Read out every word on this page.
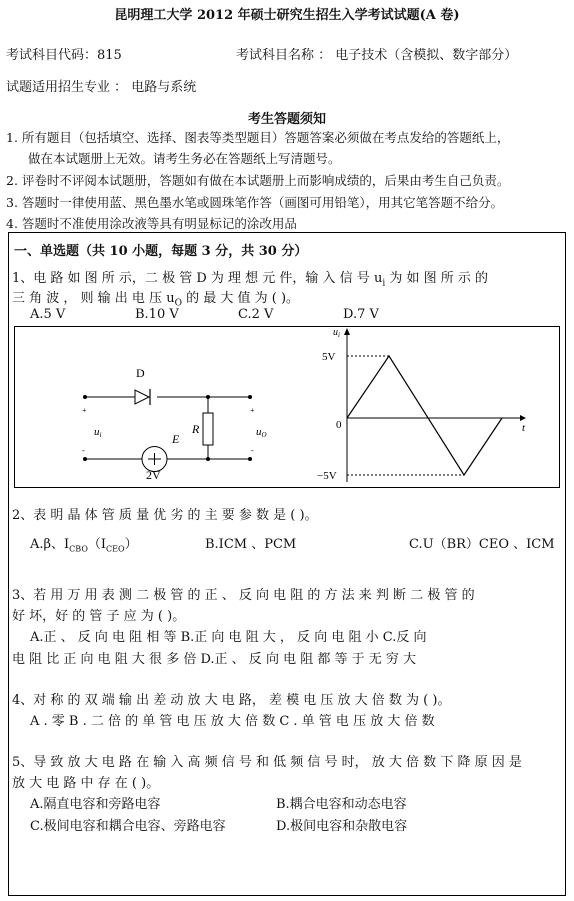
昆明理工大学 2012 年硕士研究生招生入学考试试题(A 卷)
考试科目代码：815	考试科目名称 ： 电子技术（含模拟、数字部分）
试题适用招生专业 ： 电路与系统
考生答题须知
1. 所有题目（包括填空、选择、图表等类型题目）答题答案必须做在考点发给的答题纸上，
做在本试题册上无效。请考生务必在答题纸上写清题号。
2. 评卷时不评阅本试题册，答题如有做在本试题册上而影响成绩的，后果由考生自己负责。
3. 答题时一律使用蓝、黑色墨水笔或圆珠笔作答（画图可用铅笔），用其它笔答题不给分。
4. 答题时不准使用涂改液等具有明显标记的涂改用品
一、单选题（共 10 小题，每题 3 分，共 30 分）
1、电 路 如 图 所 示，二 极 管 D 为 理 想 元 件，输 入 信 号 $u_i$ 为 如 图 所 示 的
三 角 波 ， 则 输 出 电 压 $u_O$ 的 最 大 值 为 ( )。
A.5 V	B.10 V	C.2 V	D.7 V
D
R
E
2V
+
-
ui
+
-
uO
$u_i$
t
0
5V
−5V
2、表 明 晶 体 管 质 量 优 劣 的 主 要 参 数 是 ( )。
A.β、$I_{CBO}(I_{CEO})$	B.ICM 、PCM	C.U（BR）CEO 、ICM
3、若 用 万 用 表 测 二 极 管 的 正 、 反 向 电 阻 的 方 法 来 判 断 二 极 管 的
好 坏，好 的 管 子 应 为 ( )。
A.正 、 反 向 电 阻 相 等 B.正 向 电 阻 大 ， 反 向 电 阻 小 C.反 向
电 阻 比 正 向 电 阻 大 很 多 倍 D.正 、 反 向 电 阻 都 等 于 无 穷 大
4、对 称 的 双 端 输 出 差 动 放 大 电 路， 差 模 电 压 放 大 倍 数 为 ( )。
A . 零 B . 二 倍 的 单 管 电 压 放 大 倍 数 C . 单 管 电 压 放 大 倍 数
5、导 致 放 大 电 路 在 输 入 高 频 信 号 和 低 频 信 号 时， 放 大 倍 数 下 降 原 因 是
放 大 电 路 中 存 在 ( )。
A.隔直电容和旁路电容	B.耦合电容和动态电容
C.极间电容和耦合电容、旁路电容	D.极间电容和杂散电容
